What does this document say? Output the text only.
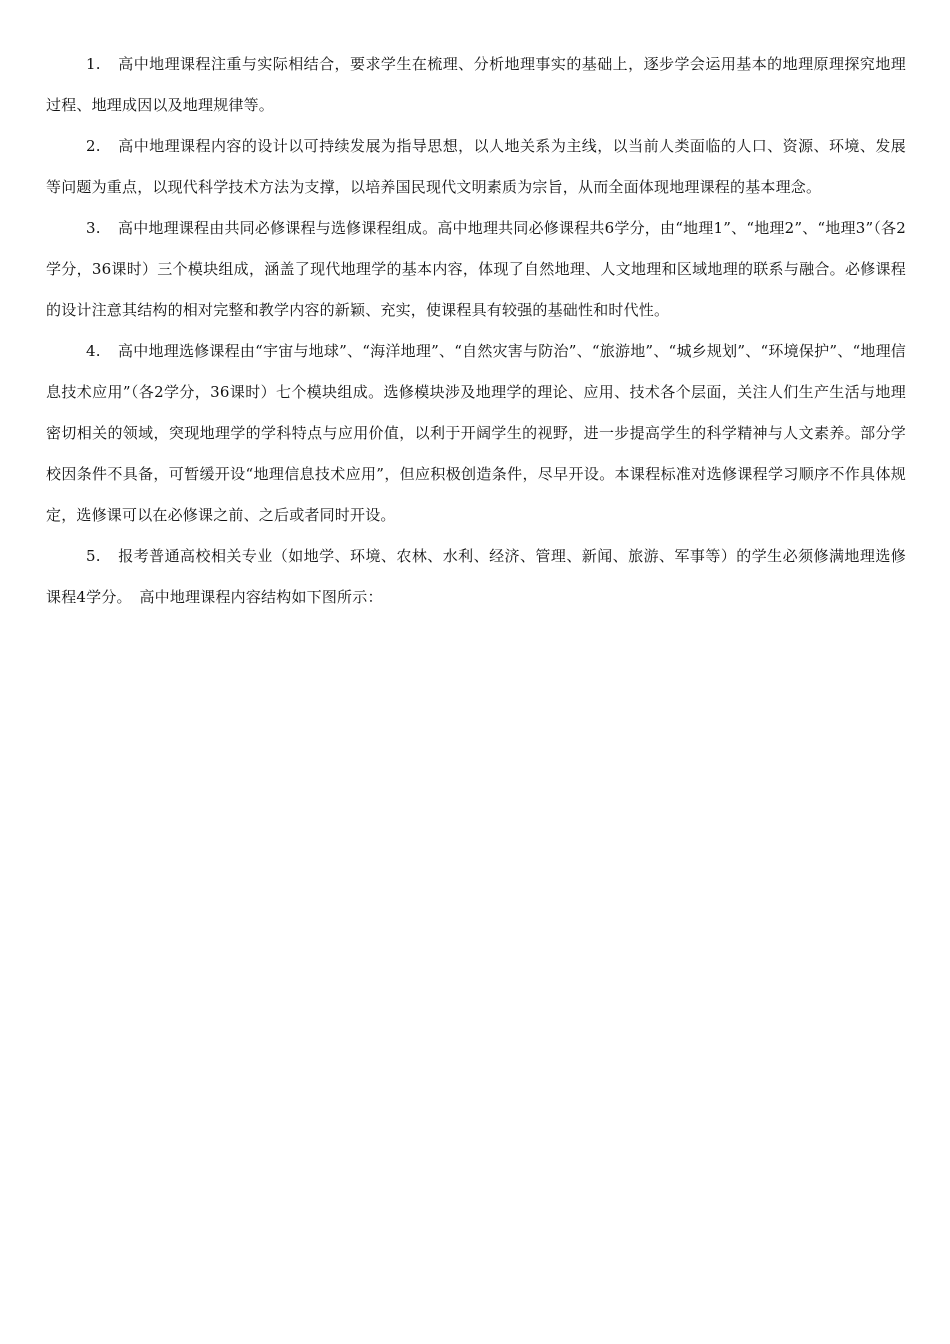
1. 高中地理课程注重与实际相结合，要求学生在梳理、分析地理事实的基础上，逐步学会运用基本的地理原理探究地理过程、地理成因以及地理规律等。

2. 高中地理课程内容的设计以可持续发展为指导思想，以人地关系为主线，以当前人类面临的人口、资源、环境、发展等问题为重点，以现代科学技术方法为支撑，以培养国民现代文明素质为宗旨，从而全面体现地理课程的基本理念。

3. 高中地理课程由共同必修课程与选修课程组成。高中地理共同必修课程共6学分，由“地理1”、“地理2”、“地理3”（各2学分，36课时）三个模块组成，涵盖了现代地理学的基本内容，体现了自然地理、人文地理和区域地理的联系与融合。必修课程的设计注意其结构的相对完整和教学内容的新颖、充实，使课程具有较强的基础性和时代性。

4. 高中地理选修课程由“宇宙与地球”、“海洋地理”、“自然灾害与防治”、“旅游地”、“城乡规划”、“环境保护”、“地理信息技术应用”（各2学分，36课时）七个模块组成。选修模块涉及地理学的理论、应用、技术各个层面，关注人们生产生活与地理密切相关的领域，突现地理学的学科特点与应用价值，以利于开阔学生的视野，进一步提高学生的科学精神与人文素养。部分学校因条件不具备，可暂缓开设“地理信息技术应用”，但应积极创造条件，尽早开设。本课程标准对选修课程学习顺序不作具体规定，选修课可以在必修课之前、之后或者同时开设。

5. 报考普通高校相关专业（如地学、环境、农林、水利、经济、管理、新闻、旅游、军事等）的学生必须修满地理选修课程4学分。　高中地理课程内容结构如下图所示：
